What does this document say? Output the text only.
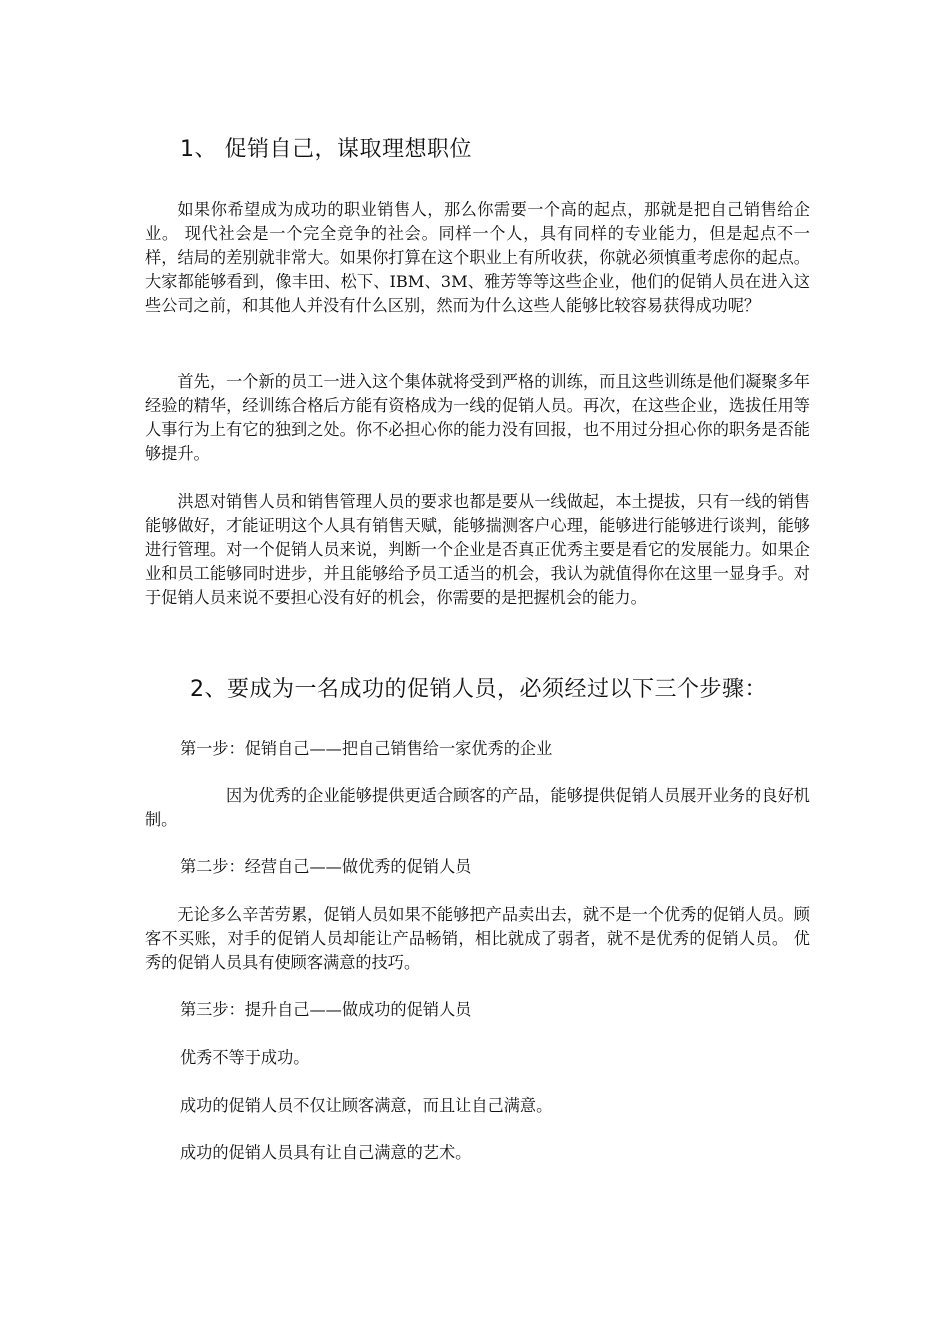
1、 促销自己，谋取理想职位

如果你希望成为成功的职业销售人，那么你需要一个高的起点，那就是把自己销售给企业。 现代社会是一个完全竞争的社会。同样一个人，具有同样的专业能力，但是起点不一样，结局的差别就非常大。如果你打算在这个职业上有所收获，你就必须慎重考虑你的起点。大家都能够看到，像丰田、松下、IBM、3M、雅芳等等这些企业，他们的促销人员在进入这些公司之前，和其他人并没有什么区别，然而为什么这些人能够比较容易获得成功呢？

首先，一个新的员工一进入这个集体就将受到严格的训练，而且这些训练是他们凝聚多年经验的精华，经训练合格后方能有资格成为一线的促销人员。再次，在这些企业，选拔任用等人事行为上有它的独到之处。你不必担心你的能力没有回报，也不用过分担心你的职务是否能够提升。

洪恩对销售人员和销售管理人员的要求也都是要从一线做起，本土提拔，只有一线的销售能够做好，才能证明这个人具有销售天赋，能够揣测客户心理，能够进行能够进行谈判，能够进行管理。对一个促销人员来说，判断一个企业是否真正优秀主要是看它的发展能力。如果企业和员工能够同时进步，并且能够给予员工适当的机会，我认为就值得你在这里一显身手。对于促销人员来说不要担心没有好的机会，你需要的是把握机会的能力。

2、要成为一名成功的促销人员，必须经过以下三个步骤：

第一步：促销自己——把自己销售给一家优秀的企业

因为优秀的企业能够提供更适合顾客的产品，能够提供促销人员展开业务的良好机制。

第二步：经营自己——做优秀的促销人员

无论多么辛苦劳累，促销人员如果不能够把产品卖出去，就不是一个优秀的促销人员。顾客不买账，对手的促销人员却能让产品畅销，相比就成了弱者，就不是优秀的促销人员。 优秀的促销人员具有使顾客满意的技巧。

第三步：提升自己——做成功的促销人员

优秀不等于成功。

成功的促销人员不仅让顾客满意，而且让自己满意。

成功的促销人员具有让自己满意的艺术。
